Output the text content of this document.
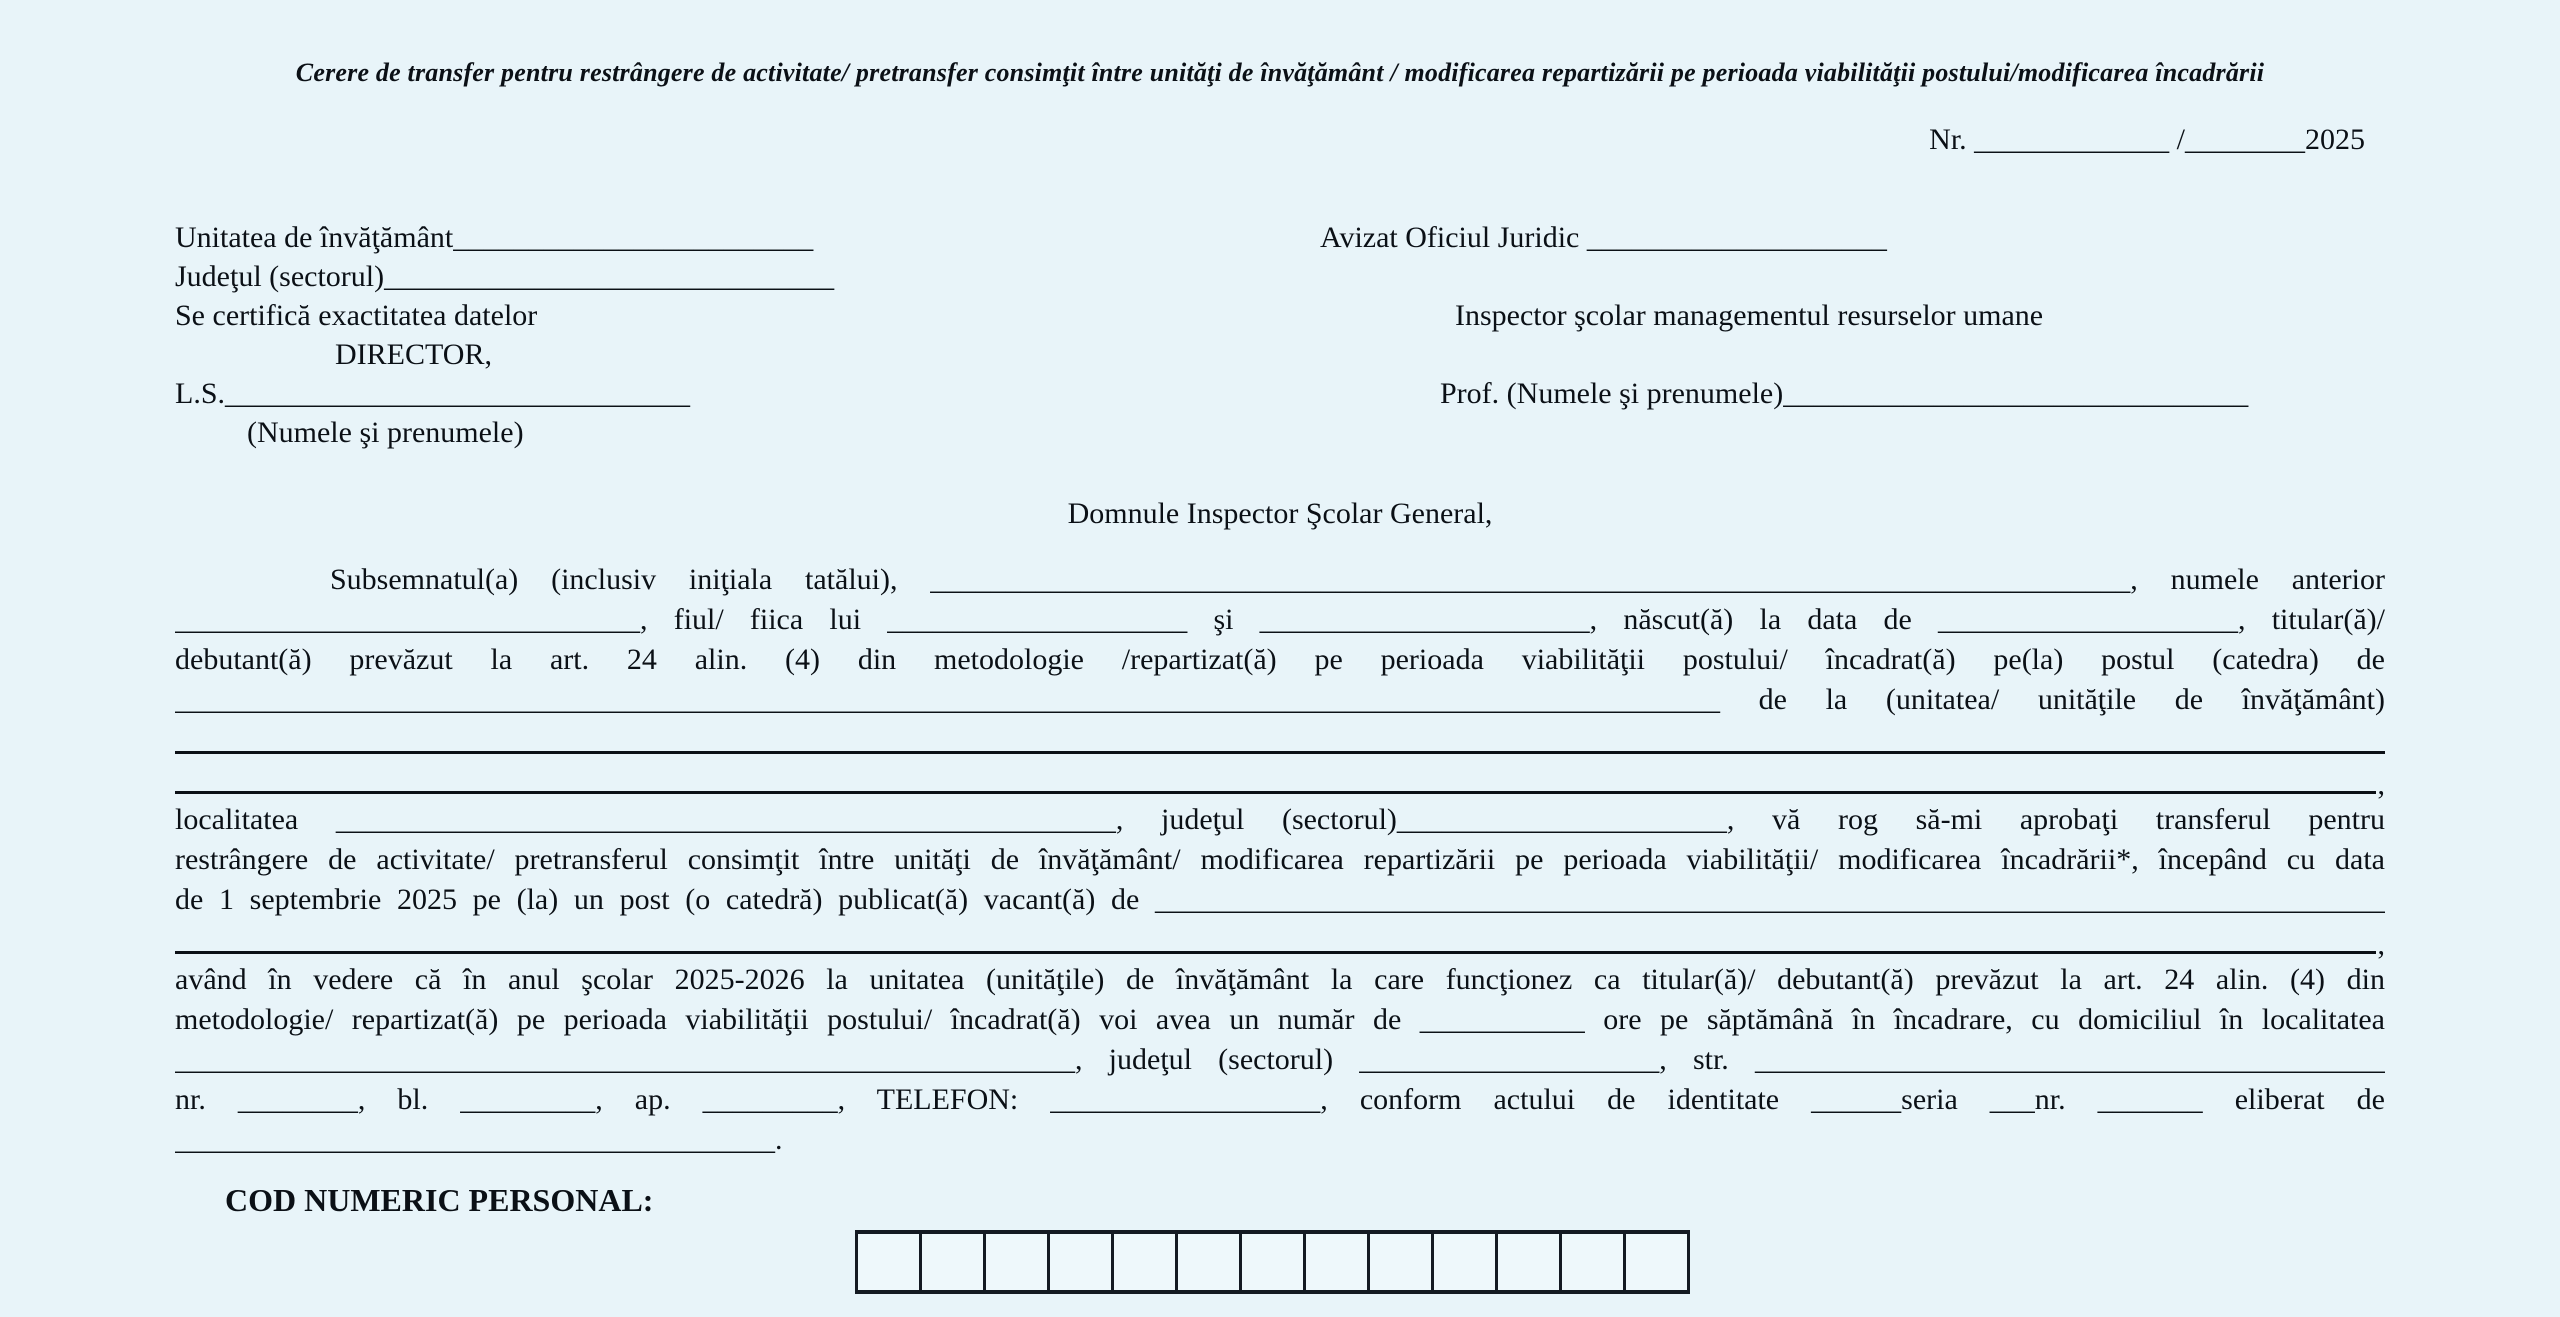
Cerere de transfer pentru restrângere de activitate/ pretransfer consimţit între unităţi de învăţământ / modificarea repartizării pe perioada viabilităţii postului/modificarea încadrării
Nr. _____________ /________2025
Unitatea de învăţământ________________________
Judeţul (sectorul)______________________________
Se certifică exactitatea datelor
DIRECTOR,
L.S._______________________________
(Numele şi prenumele)
Avizat Oficiul Juridic ____________________
Inspector şcolar managementul resurselor umane
Prof. (Numele şi prenumele)_______________________________
Domnule Inspector Şcolar General,
Subsemnatul(a) (inclusiv iniţiala tatălui), ________________________________________________________________________________, numele anterior
_______________________________, fiul/ fiica lui ____________________ şi ______________________, născut(ă) la data de ____________________, titular(ă)/
debutant(ă) prevăzut la art. 24 alin. (4) din metodologie /repartizat(ă) pe perioada viabilităţii postului/ încadrat(ă) pe(la) postul (catedra) de
_______________________________________________________________________________________________________ de la (unitatea/ unităţile de învăţământ)
,
localitatea ____________________________________________________, judeţul (sectorul)______________________, vă rog să-mi aprobaţi transferul pentru
restrângere de activitate/ pretransferul consimţit între unităţi de învăţământ/ modificarea repartizării pe perioada viabilităţii/ modificarea încadrării*, începând cu data
de 1 septembrie 2025 pe (la) un post (o catedră) publicat(ă) vacant(ă) de __________________________________________________________________________________
,
având în vedere că în anul şcolar 2025-2026 la unitatea (unităţile) de învăţământ la care funcţionez ca titular(ă)/ debutant(ă) prevăzut la art. 24 alin. (4) din
metodologie/ repartizat(ă) pe perioada viabilităţii postului/ încadrat(ă) voi avea un număr de ___________ ore pe săptămână în încadrare, cu domiciliul în localitatea
____________________________________________________________, judeţul (sectorul) ____________________, str. __________________________________________
nr. ________, bl. _________, ap. _________, TELEFON: __________________, conform actului de identitate ______seria ___nr. _______ eliberat de
________________________________________.
COD NUMERIC PERSONAL:
